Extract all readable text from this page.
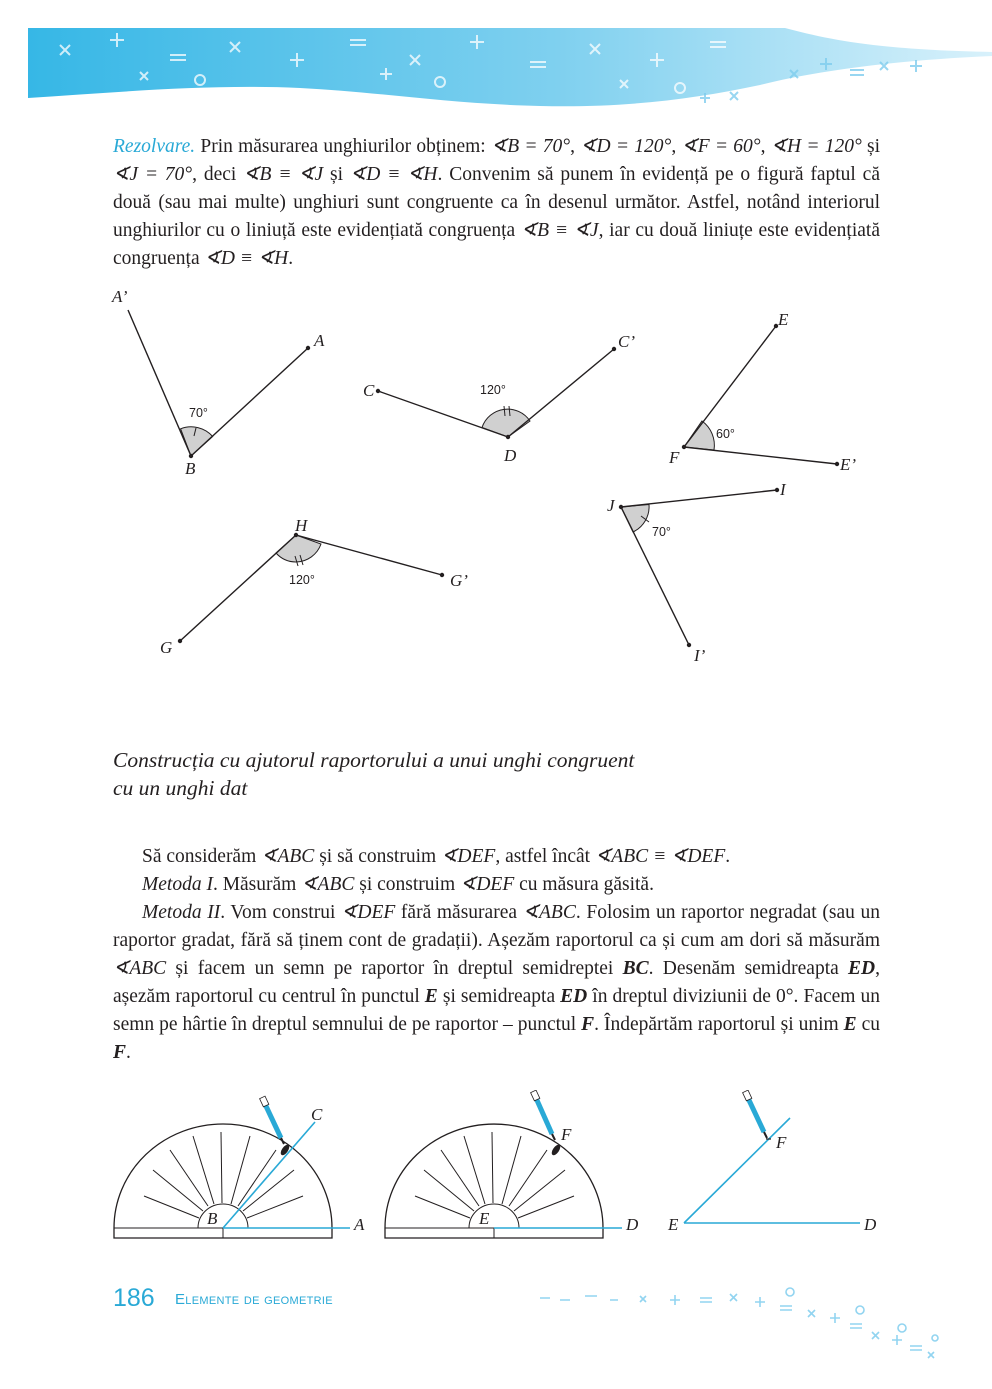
Rezolvare. Prin măsurarea unghiurilor obținem: ∢B = 70°, ∢D = 120°, ∢F = 60°, ∢H = 120° și ∢J = 70°, deci ∢B ≡ ∢J și ∢D ≡ ∢H. Convenim să punem în evidență pe o figură faptul că două (sau mai multe) unghiuri sunt congruente ca în desenul următor. Astfel, notând interiorul unghiurilor cu o liniuță este evidențiată congruența ∢B ≡ ∢J, iar cu două liniuțe este evidențiată congruența ∢D ≡ ∢H.

A’
A
B
70°
C
C’
D
120°
E
F	E’
60°
H
G
G’
120°
J
I
I’
70°
Construcția cu ajutorul raportorului a unui unghi congruent
cu un unghi dat

Să considerăm ∢ABC și să construim ∢DEF, astfel încât ∢ABC ≡ ∢DEF.

Metoda I. Măsurăm ∢ABC și construim ∢DEF cu măsura găsită.

Metoda II. Vom construi ∢DEF fără măsurarea ∢ABC. Folosim un raportor negradat (sau un raportor gradat, fără să ținem cont de gradații). Așezăm raportorul ca și cum am dori să măsurăm ∢ABC și facem un semn pe raportor în dreptul semidreptei BC. Desenăm semidreapta ED, așezăm raportorul cu centrul în punctul E și semidreapta ED în dreptul diviziunii de 0°. Facem un semn pe hârtie în dreptul semnului de pe raportor – punctul F. Îndepărtăm raportorul și unim E cu F.

C
B	A
F
E	D
F
E	D
186 Elemente de geometrie
